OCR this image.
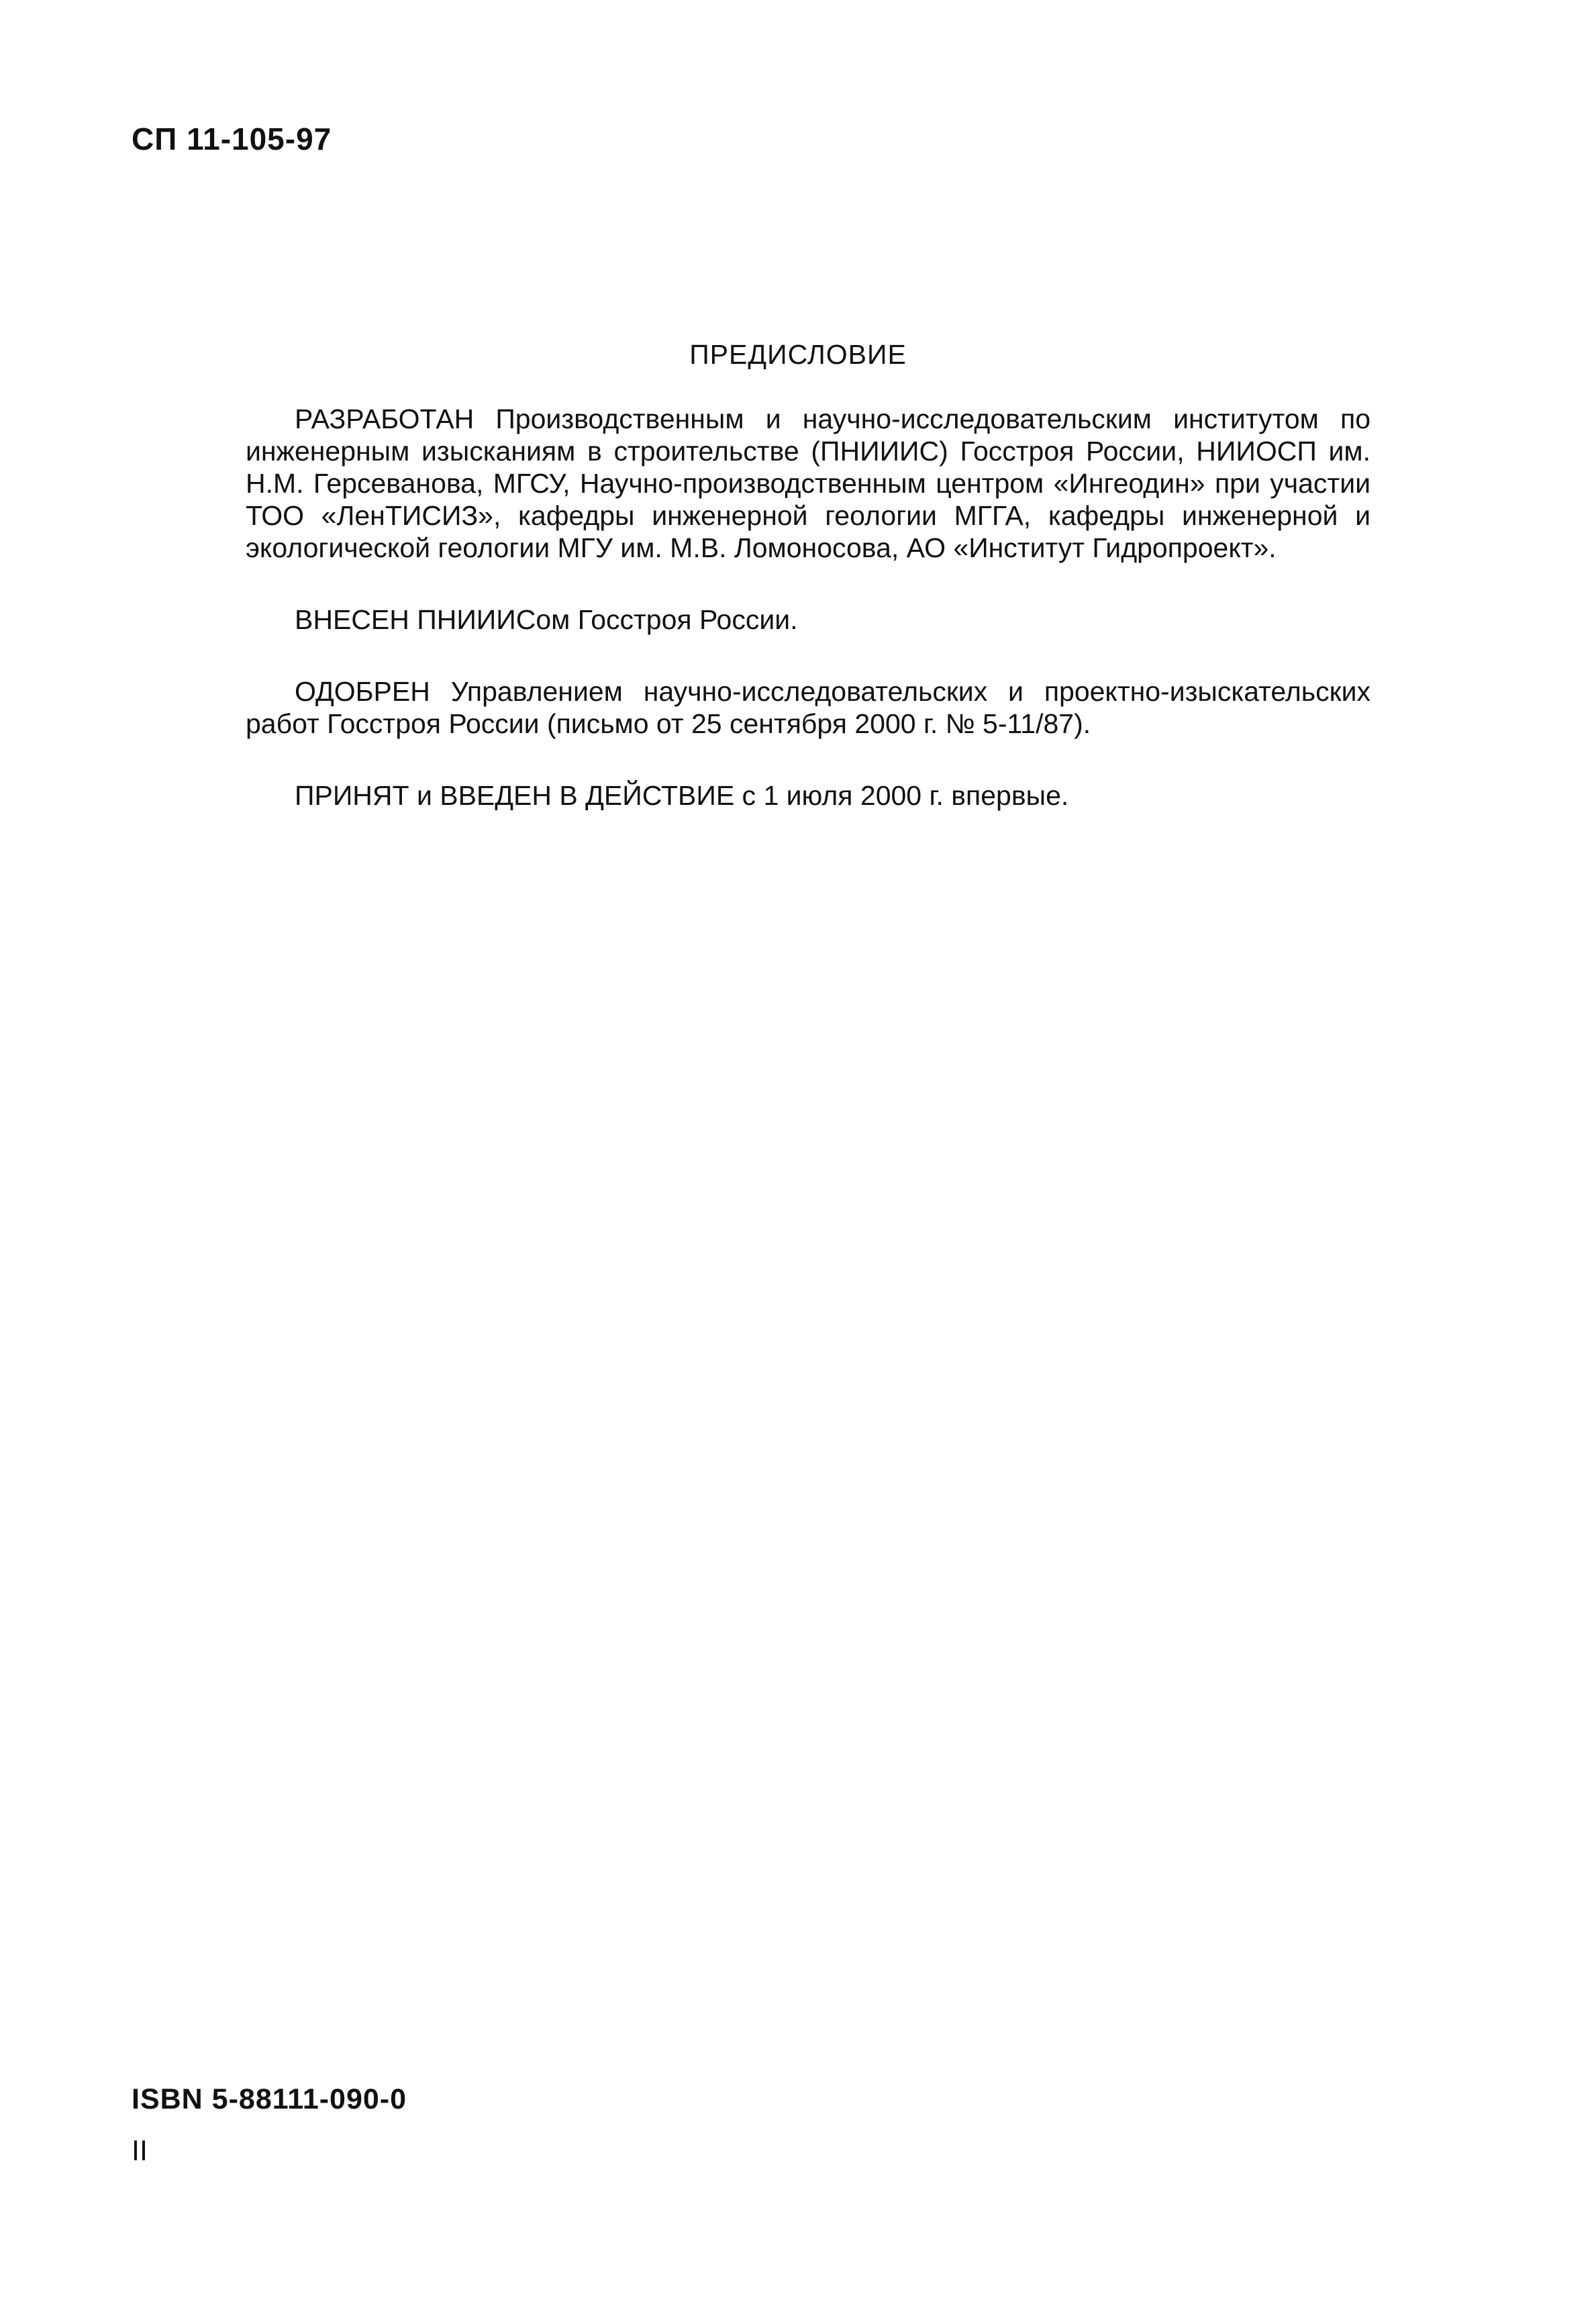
СП 11-105-97
ПРЕДИСЛОВИЕ

РАЗРАБОТАН Производственным и научно-исследовательским институтом по инженерным изысканиям в строительстве (ПНИИИС) Госстроя России, НИИОСП им. Н.М. Герсеванова, МГСУ, Научно-производственным центром «Ингеодин» при участии ТОО «ЛенТИСИЗ», кафедры инженерной геологии МГГА, кафедры инженерной и экологической геологии МГУ им. М.В. Ломоносова, АО «Институт Гидропроект».

ВНЕСЕН ПНИИИСом Госстроя России.

ОДОБРЕН Управлением научно-исследовательских и проектно-изыскательских работ Госстроя России (письмо от 25 сентября 2000 г. № 5-11/87).

ПРИНЯТ и ВВЕДЕН В ДЕЙСТВИЕ с 1 июля 2000 г. впервые.

ISBN 5-88111-090-0
II
